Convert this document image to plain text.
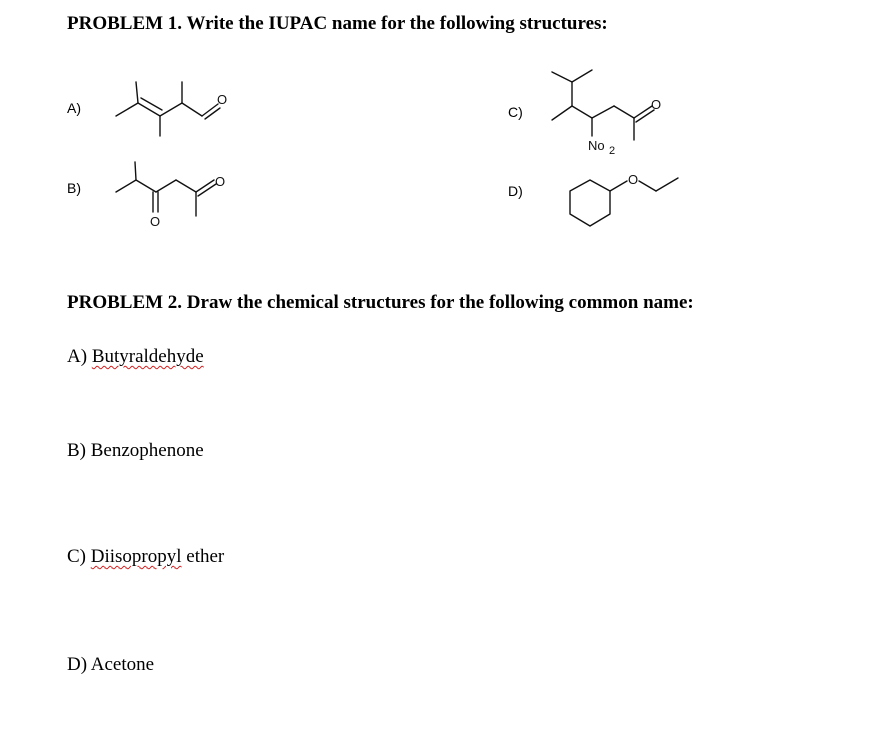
PROBLEM 1. Write the IUPAC name for the following structures:
A)
B)
C)
D)
O
O
O
O
No 2
O
PROBLEM 2. Draw the chemical structures for the following common name:
A) Butyraldehyde
B) Benzophenone
C) Diisopropyl ether
D) Acetone
